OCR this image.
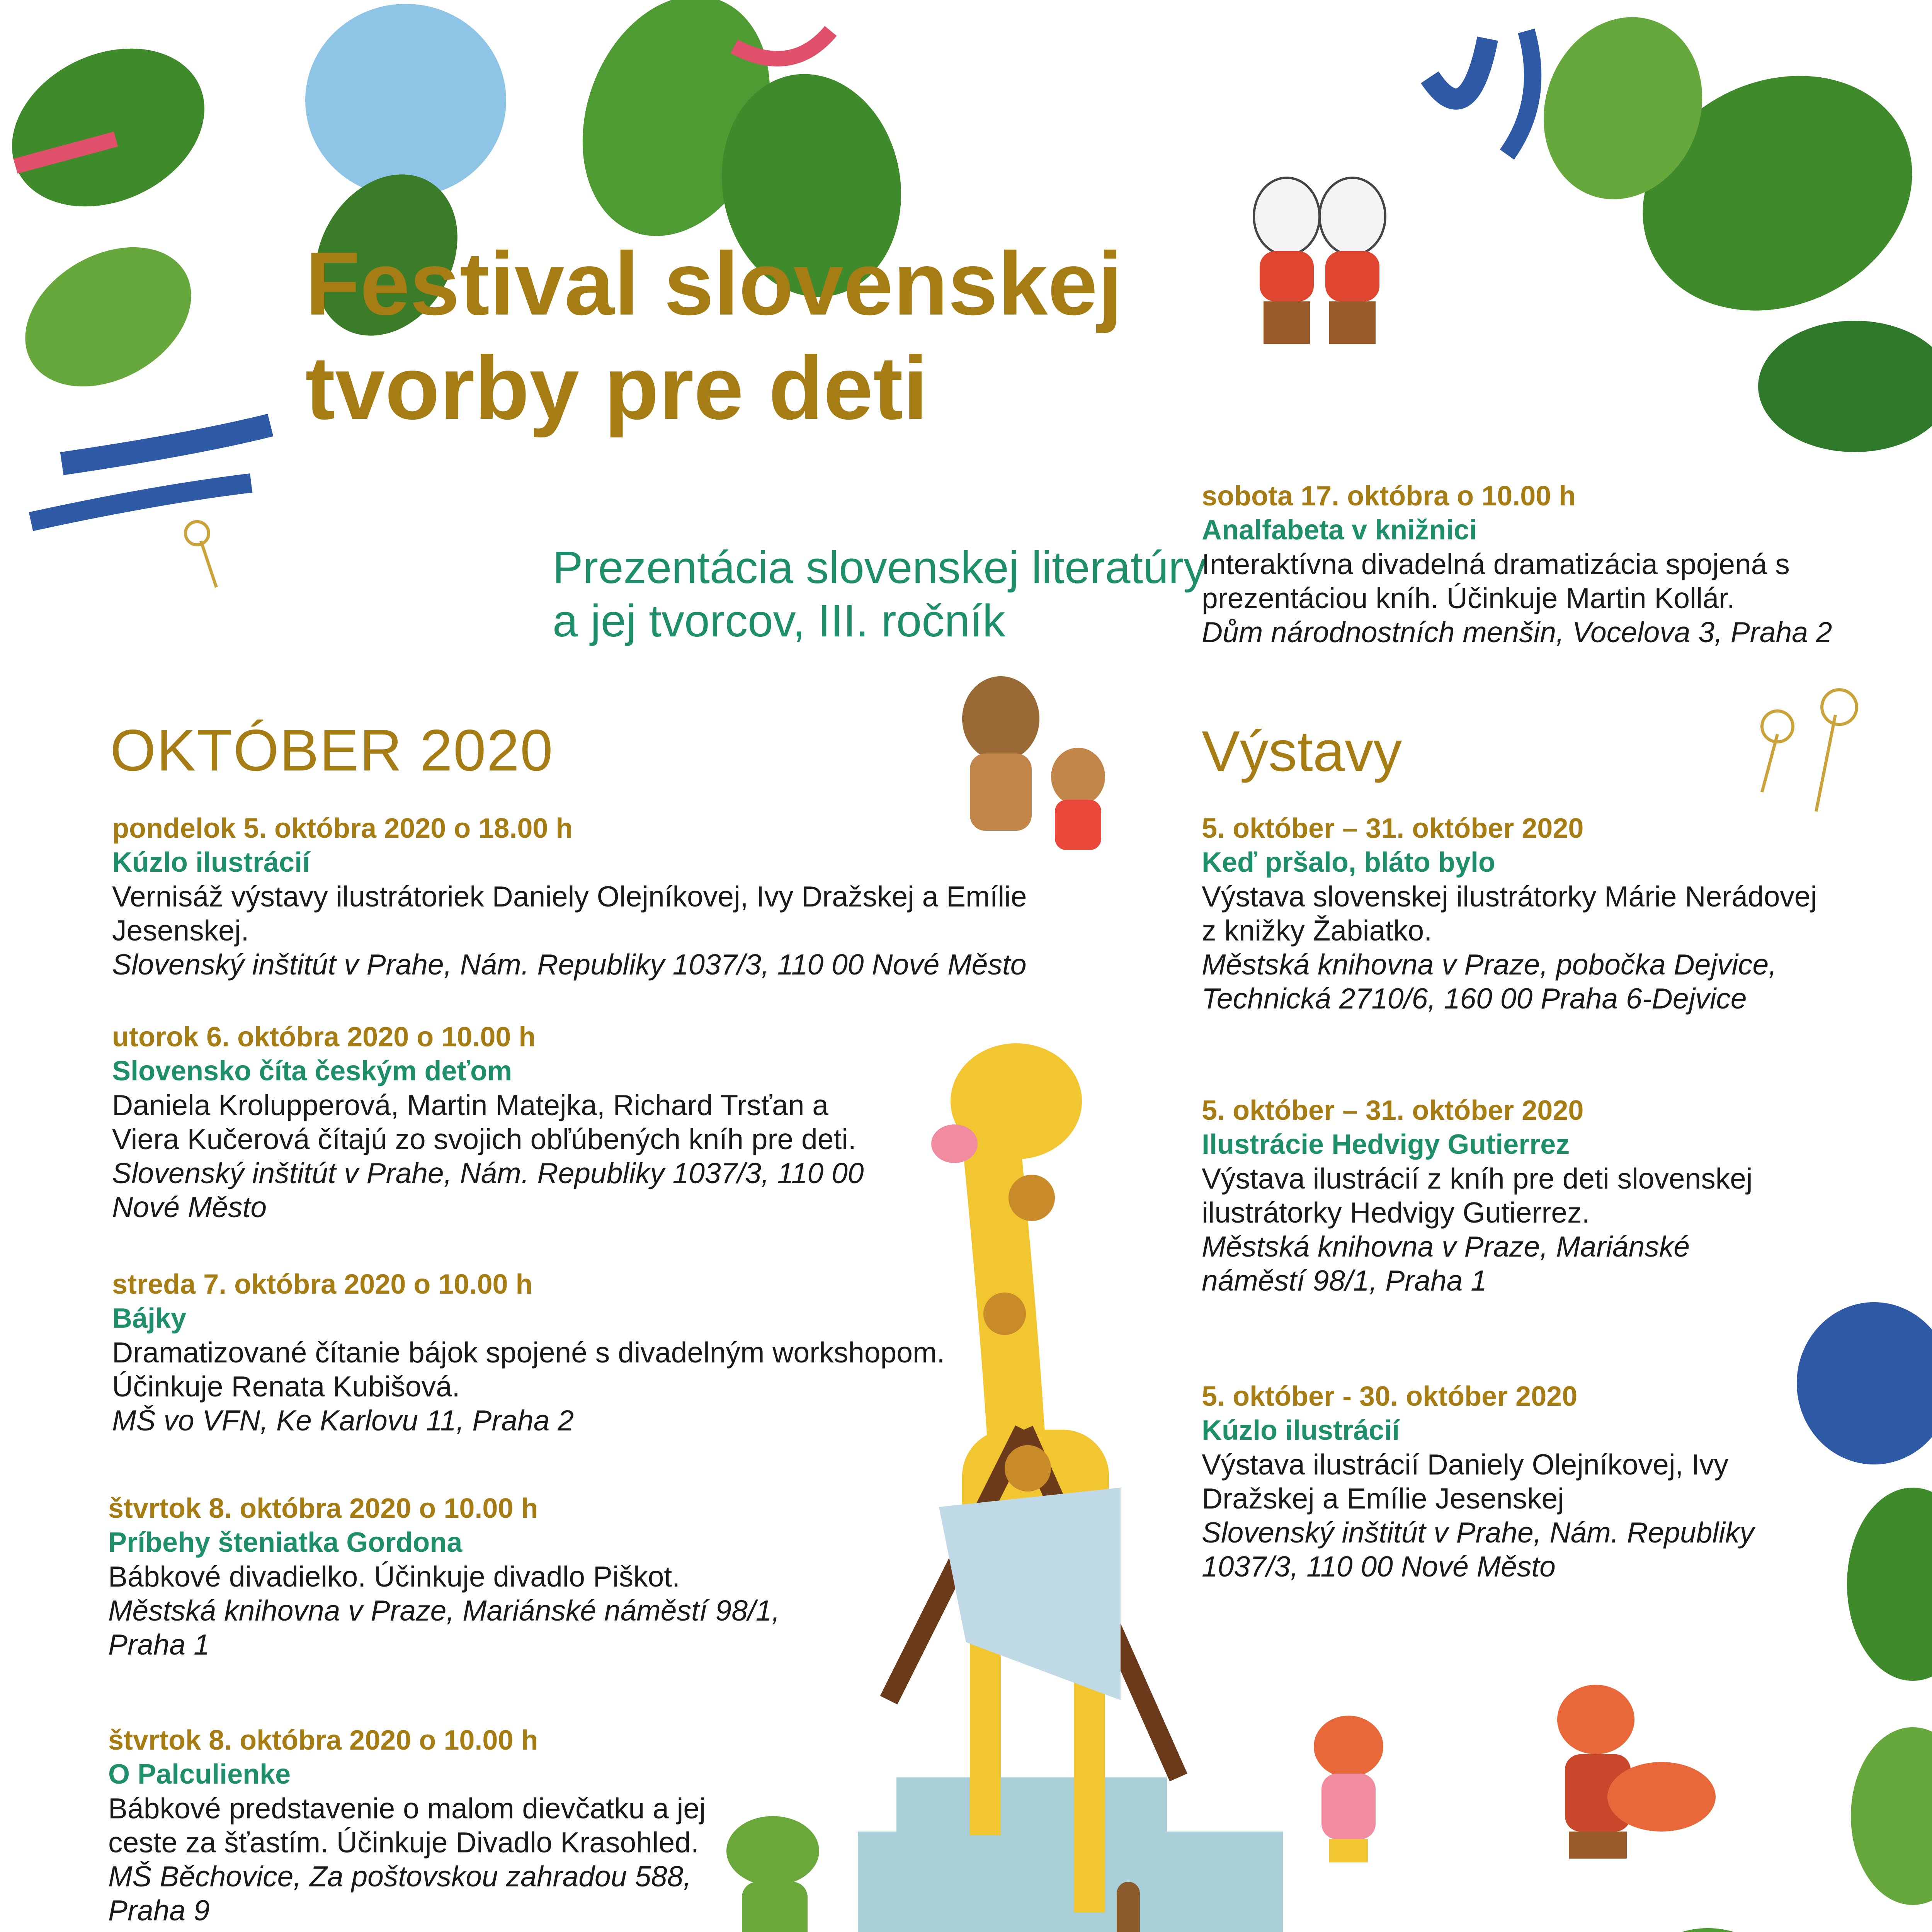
Festival slovenskej tvorby pre deti
Prezentácia slovenskej literatúry a jej tvorcov, III. ročník
OKTÓBER 2020
pondelok 5. októbra 2020 o 18.00 h
Kúzlo ilustrácií
Vernisáž výstavy ilustrátoriek Daniely Olejníkovej, Ivy Dražskej a Emílie Jesenskej.
Slovenský inštitút v Prahe, Nám. Republiky 1037/3, 110 00 Nové Město
utorok 6. októbra 2020 o 10.00 h
Slovensko číta českým deťom
Daniela Krolupperová, Martin Matejka, Richard Trsťan a Viera Kučerová čítajú zo svojich obľúbených kníh pre deti.
Slovenský inštitút v Prahe, Nám. Republiky 1037/3, 110 00 Nové Město
streda 7. októbra 2020 o 10.00 h
Bájky
Dramatizované čítanie bájok spojené s divadelným workshopom. Účinkuje Renata Kubišová.
MŠ vo VFN, Ke Karlovu 11, Praha 2
štvrtok 8. októbra 2020 o 10.00 h
Príbehy šteniatka Gordona
Bábkové divadielko. Účinkuje divadlo Piškot.
Městská knihovna v Praze, Mariánské náměstí 98/1, Praha 1
štvrtok 8. októbra 2020 o 10.00 h
O Palculienke
Bábkové predstavenie o malom dievčatku a jej ceste za šťastím. Účinkuje Divadlo Krasohled.
MŠ Běchovice, Za poštovskou zahradou 588, Praha 9
sobota 17. októbra o 10.00 h
Analfabeta v knižnici
Interaktívna divadelná dramatizácia spojená s prezentáciou kníh. Účinkuje Martin Kollár.
Dům národnostních menšin, Vocelova 3, Praha 2
Výstavy
5. október – 31. október 2020
Keď pršalo, bláto bylo
Výstava slovenskej ilustrátorky Márie Nerádovej z knižky Žabiatko.
Městská knihovna v Praze, pobočka Dejvice, Technická 2710/6, 160 00 Praha 6-Dejvice
5. október – 31. október 2020
Ilustrácie Hedvigy Gutierrez
Výstava ilustrácií z kníh pre deti slovenskej ilustrátorky Hedvigy Gutierrez.
Městská knihovna v Praze, Mariánské náměstí 98/1, Praha 1
5. október - 30. október 2020
Kúzlo ilustrácií
Výstava ilustrácií Daniely Olejníkovej, Ivy Dražskej a Emílie Jesenskej
Slovenský inštitút v Prahe, Nám. Republiky 1037/3, 110 00 Nové Město
